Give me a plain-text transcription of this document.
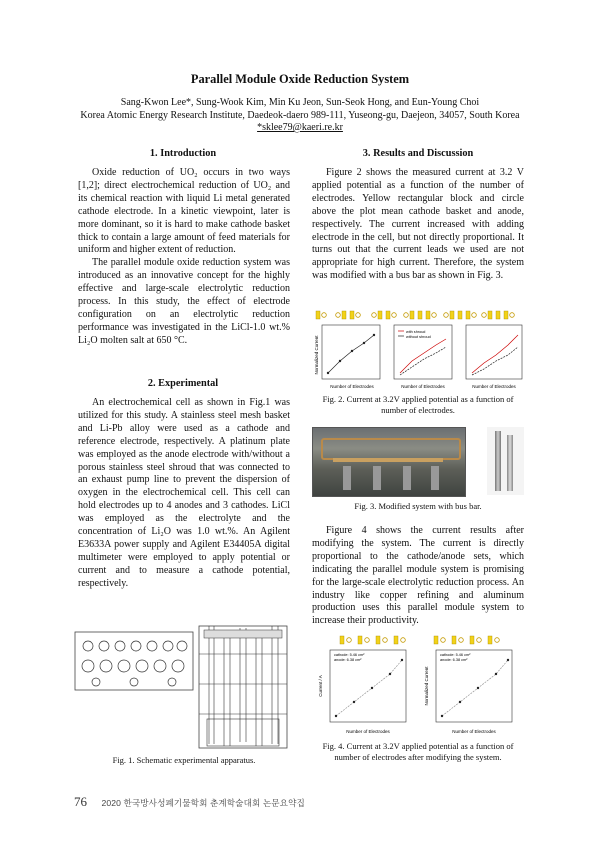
Parallel Module Oxide Reduction System
Sang-Kwon Lee*, Sung-Wook Kim, Min Ku Jeon, Sun-Seok Hong, and Eun-Young Choi
Korea Atomic Energy Research Institute, Daedeok-daero 989-111, Yuseong-gu, Daejeon, 34057, South Korea
*sklee79@kaeri.re.kr
1. Introduction

Oxide reduction of UO₂ occurs in two ways [1,2]; direct electrochemical reduction of UO₂ and its chemical reaction with liquid Li metal generated cathode electrode. In a kinetic viewpoint, later is more dominant, so it is hard to make cathode basket thick to contain a large amount of feed materials for uniform and higher extent of reduction.

The parallel module oxide reduction system was introduced as an innovative concept for the highly effective and large-scale electrolytic reduction process. In this study, the effect of electrode configuration on an electrolytic reduction performance was investigated in the LiCl-1.0 wt.% Li₂O molten salt at 650 °C.

2. Experimental

An electrochemical cell as shown in Fig.1 was utilized for this study. A stainless steel mesh basket and Li-Pb alloy were used as a cathode and reference electrode, respectively. A platinum plate was employed as the anode electrode with/without a porous stainless steel shroud that was connected to an exhaust pump line to prevent the dispersion of oxygen in the electrochemical cell. This cell can hold electrodes up to 4 anodes and 3 cathodes. LiCl was employed as the electrolyte and the concentration of Li₂O was 1.0 wt.%. An Agilent E3633A power supply and Agilent E34405A digital multimeter were employed to apply potential or current and to measure a cathode potential, respectively.

Fig. 1. Schematic experimental apparatus.
3. Results and Discussion

Figure 2 shows the measured current at 3.2 V applied potential as a function of the number of electrodes. Yellow rectangular block and circle above the plot mean cathode basket and anode, respectively. The current increased with adding electrode in the cell, but not directly proportional. It turns out that the current leads we used are not appropriate for high current. Therefore, the system was modified with a bus bar as shown in Fig. 3.

Number of Electrodes	Number of Electrodes	Number of Electrodes
Normalized Current
with shroud
without shroud
Fig. 2. Current at 3.2V applied potential as a function of number of electrodes.
Fig. 3. Modified system with bus bar.

Figure 4 shows the current results after modifying the system. The current is directly proportional to the cathode/anode sets, which indicating the parallel module system is promising for the large-scale electrolytic reduction process. An industry like copper refining and aluminum production uses this parallel module system to increase their productivity.

cathode: 5.46 cm²
anode: 6.38 cm²
cathode: 5.46 cm²
anode: 6.38 cm²
Number of Electrodes	Number of Electrodes
Current / A	Normalized Current
Fig. 4. Current at 3.2V applied potential as a function of number of electrodes after modifying the system.
76 2020 한국방사성폐기물학회 춘계학술대회 논문요약집
